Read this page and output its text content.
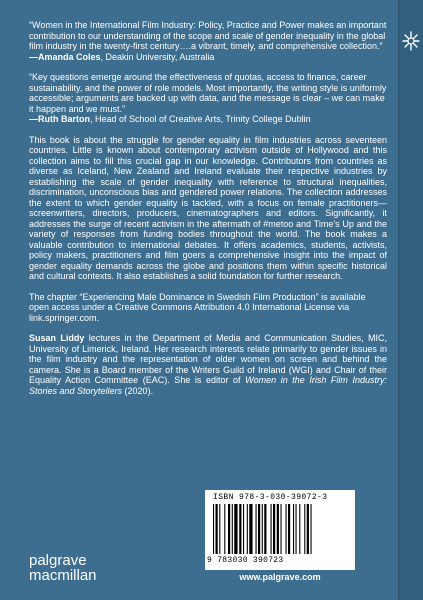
“Women in the International Film Industry: Policy, Practice and Power makes an important contribution to our understanding of the scope and scale of gender inequality in the global film industry in the twenty-first century….a vibrant, timely, and comprehensive collection.”

—Amanda Coles, Deakin University, Australia

“Key questions emerge around the effectiveness of quotas, access to finance, career sustainability, and the power of role models. Most importantly, the writing style is uniformly accessible; arguments are backed up with data, and the message is clear – we can make it happen and we must.”

—Ruth Barton, Head of School of Creative Arts, Trinity College Dublin

This book is about the struggle for gender equality in film industries across seventeen countries. Little is known about contemporary activism outside of Hollywood and this collection aims to fill this crucial gap in our knowledge. Contributors from countries as diverse as Iceland, New Zealand and Ireland evaluate their respective industries by establishing the scale of gender inequality with reference to structural inequalities, discrimination, unconscious bias and gendered power relations. The collection addresses the extent to which gender equality is tackled, with a focus on female practitioners—screenwriters, directors, producers, cinematographers and editors. Significantly, it addresses the surge of recent activism in the aftermath of #metoo and Time’s Up and the variety of responses from funding bodies throughout the world. The book makes a valuable contribution to international debates. It offers academics, students, activists, policy makers, practitioners and film goers a comprehensive insight into the impact of gender equality demands across the globe and positions them within specific historical and cultural contexts. It also establishes a solid foundation for further research.
The chapter “Experiencing Male Dominance in Swedish Film Production” is available open access under a Creative Commons Attribution 4.0 International License via link.springer.com.
Susan Liddy lectures in the Department of Media and Communication Studies, MIC, University of Limerick, Ireland. Her research interests relate primarily to gender issues in the film industry and the representation of older women on screen and behind the camera. She is a Board member of the Writers Guild of Ireland (WGI) and Chair of their Equality Action Committee (EAC). She is editor of Women in the Irish Film Industry: Stories and Storytellers (2020).
ISBN 978-3-030-39072-3
9 783030 390723
www.palgrave.com
palgrave
macmillan
